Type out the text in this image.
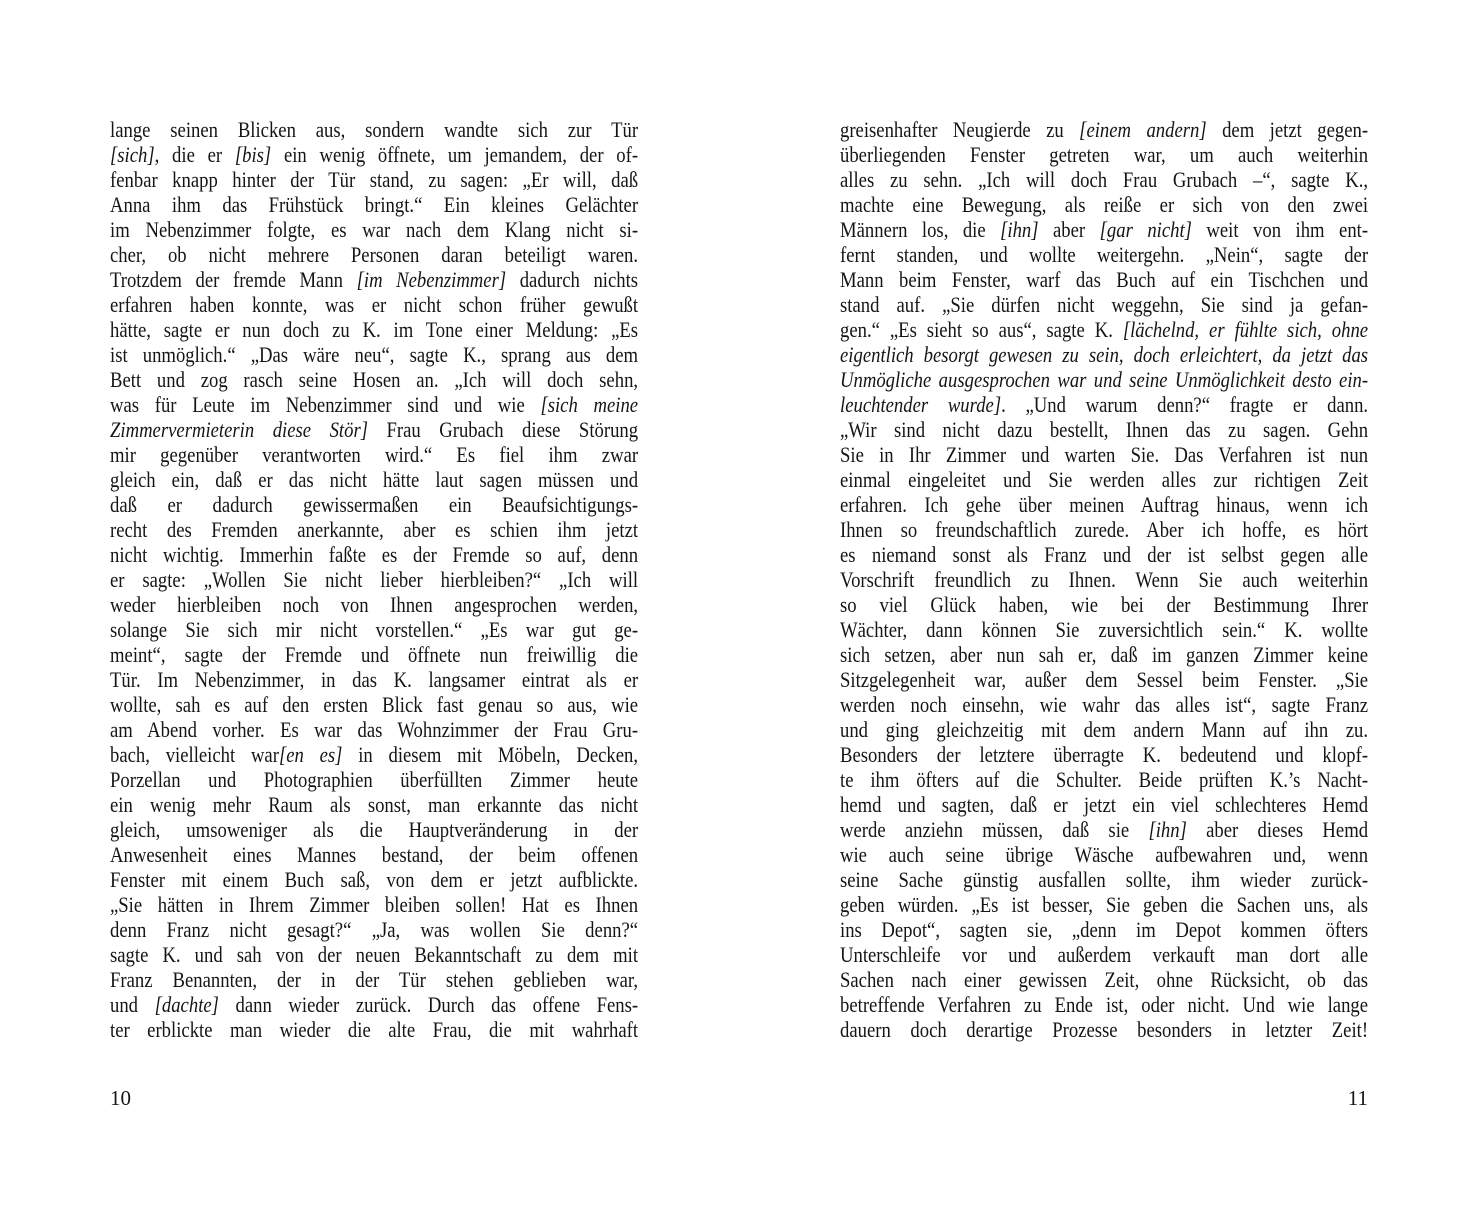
lange seinen Blicken aus, sondern wandte sich zur Tür
[sich], die er [bis] ein wenig öffnete, um jemandem, der of-
fenbar knapp hinter der Tür stand, zu sagen: „Er will, daß
Anna ihm das Frühstück bringt.“ Ein kleines Gelächter
im Nebenzimmer folgte, es war nach dem Klang nicht si-
cher, ob nicht mehrere Personen daran beteiligt waren.
Trotzdem der fremde Mann [im Nebenzimmer] dadurch nichts
erfahren haben konnte, was er nicht schon früher gewußt
hätte, sagte er nun doch zu K. im Tone einer Meldung: „Es
ist unmöglich.“ „Das wäre neu“, sagte K., sprang aus dem
Bett und zog rasch seine Hosen an. „Ich will doch sehn,
was für Leute im Nebenzimmer sind und wie [sich meine
Zimmervermieterin diese Stör] Frau Grubach diese Störung
mir gegenüber verantworten wird.“ Es fiel ihm zwar
gleich ein, daß er das nicht hätte laut sagen müssen und
daß er dadurch gewissermaßen ein Beaufsichtigungs-
recht des Fremden anerkannte, aber es schien ihm jetzt
nicht wichtig. Immerhin faßte es der Fremde so auf, denn
er sagte: „Wollen Sie nicht lieber hierbleiben?“ „Ich will
weder hierbleiben noch von Ihnen angesprochen werden,
solange Sie sich mir nicht vorstellen.“ „Es war gut ge-
meint“, sagte der Fremde und öffnete nun freiwillig die
Tür. Im Nebenzimmer, in das K. langsamer eintrat als er
wollte, sah es auf den ersten Blick fast genau so aus, wie
am Abend vorher. Es war das Wohnzimmer der Frau Gru-
bach, vielleicht war[en es] in diesem mit Möbeln, Decken,
Porzellan und Photographien überfüllten Zimmer heute
ein wenig mehr Raum als sonst, man erkannte das nicht
gleich, umsoweniger als die Hauptveränderung in der
Anwesenheit eines Mannes bestand, der beim offenen
Fenster mit einem Buch saß, von dem er jetzt aufblickte.
„Sie hätten in Ihrem Zimmer bleiben sollen! Hat es Ihnen
denn Franz nicht gesagt?“ „Ja, was wollen Sie denn?“
sagte K. und sah von der neuen Bekanntschaft zu dem mit
Franz Benannten, der in der Tür stehen geblieben war,
und [dachte] dann wieder zurück. Durch das offene Fens-
ter erblickte man wieder die alte Frau, die mit wahrhaft
greisenhafter Neugierde zu [einem andern] dem jetzt gegen-
überliegenden Fenster getreten war, um auch weiterhin
alles zu sehn. „Ich will doch Frau Grubach –“, sagte K.,
machte eine Bewegung, als reiße er sich von den zwei
Männern los, die [ihn] aber [gar nicht] weit von ihm ent-
fernt standen, und wollte weitergehn. „Nein“, sagte der
Mann beim Fenster, warf das Buch auf ein Tischchen und
stand auf. „Sie dürfen nicht weggehn, Sie sind ja gefan-
gen.“ „Es sieht so aus“, sagte K. [lächelnd, er fühlte sich, ohne
eigentlich besorgt gewesen zu sein, doch erleichtert, da jetzt das
Unmögliche ausgesprochen war und seine Unmöglichkeit desto ein-
leuchtender wurde]. „Und warum denn?“ fragte er dann.
„Wir sind nicht dazu bestellt, Ihnen das zu sagen. Gehn
Sie in Ihr Zimmer und warten Sie. Das Verfahren ist nun
einmal eingeleitet und Sie werden alles zur richtigen Zeit
erfahren. Ich gehe über meinen Auftrag hinaus, wenn ich
Ihnen so freundschaftlich zurede. Aber ich hoffe, es hört
es niemand sonst als Franz und der ist selbst gegen alle
Vorschrift freundlich zu Ihnen. Wenn Sie auch weiterhin
so viel Glück haben, wie bei der Bestimmung Ihrer
Wächter, dann können Sie zuversichtlich sein.“ K. wollte
sich setzen, aber nun sah er, daß im ganzen Zimmer keine
Sitzgelegenheit war, außer dem Sessel beim Fenster. „Sie
werden noch einsehn, wie wahr das alles ist“, sagte Franz
und ging gleichzeitig mit dem andern Mann auf ihn zu.
Besonders der letztere überragte K. bedeutend und klopf-
te ihm öfters auf die Schulter. Beide prüften K.’s Nacht-
hemd und sagten, daß er jetzt ein viel schlechteres Hemd
werde anziehn müssen, daß sie [ihn] aber dieses Hemd
wie auch seine übrige Wäsche aufbewahren und, wenn
seine Sache günstig ausfallen sollte, ihm wieder zurück-
geben würden. „Es ist besser, Sie geben die Sachen uns, als
ins Depot“, sagten sie, „denn im Depot kommen öfters
Unterschleife vor und außerdem verkauft man dort alle
Sachen nach einer gewissen Zeit, ohne Rücksicht, ob das
betreffende Verfahren zu Ende ist, oder nicht. Und wie lange
dauern doch derartige Prozesse besonders in letzter Zeit!
10	11
